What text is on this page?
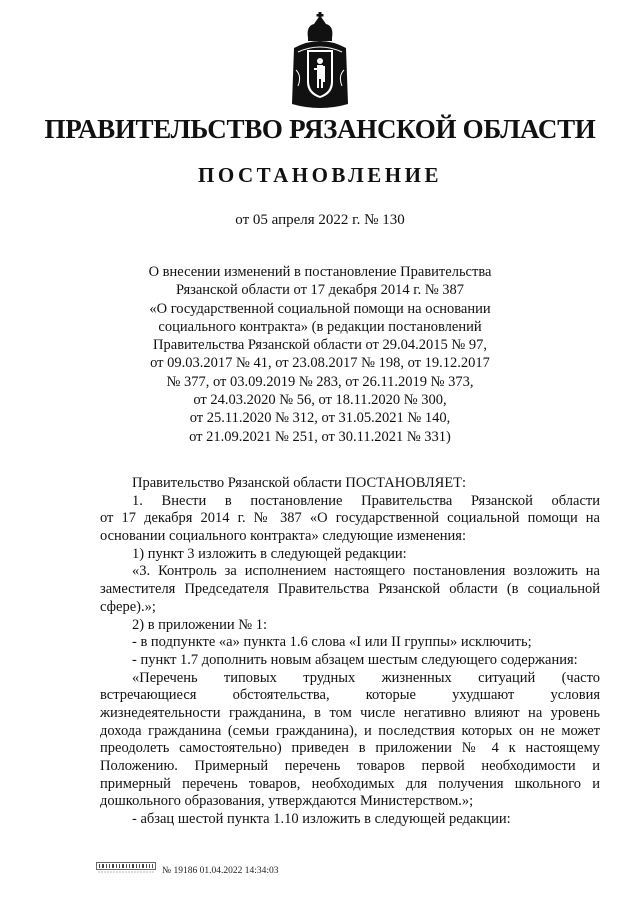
ПРАВИТЕЛЬСТВО РЯЗАНСКОЙ ОБЛАСТИ
ПОСТАНОВЛЕНИЕ
от 05 апреля 2022 г. № 130
О внесении изменений в постановление Правительства
Рязанской области от 17 декабря 2014 г. № 387
«О государственной социальной помощи на основании
социального контракта» (в редакции постановлений
Правительства Рязанской области от 29.04.2015 № 97,
от 09.03.2017 № 41, от 23.08.2017 № 198, от 19.12.2017
№ 377, от 03.09.2019 № 283, от 26.11.2019 № 373,
от 24.03.2020 № 56, от 18.11.2020 № 300,
от 25.11.2020 № 312, от 31.05.2021 № 140,
от 21.09.2021 № 251, от 30.11.2021 № 331)
Правительство Рязанской области ПОСТАНОВЛЯЕТ:
1. Внести в постановление Правительства Рязанской области
от 17 декабря 2014 г. № 387 «О государственной социальной помощи на
основании социального контракта» следующие изменения:
1) пункт 3 изложить в следующей редакции:
«3. Контроль за исполнением настоящего постановления возложить на
заместителя Председателя Правительства Рязанской области (в социальной
сфере).»;
2) в приложении № 1:
- в подпункте «а» пункта 1.6 слова «I или II группы» исключить;
- пункт 1.7 дополнить новым абзацем шестым следующего содержания:
«Перечень типовых трудных жизненных ситуаций (часто
встречающиеся обстоятельства, которые ухудшают условия
жизнедеятельности гражданина, в том числе негативно влияют на уровень
дохода гражданина (семьи гражданина), и последствия которых он не может
преодолеть самостоятельно) приведен в приложении № 4 к настоящему
Положению. Примерный перечень товаров первой необходимости и
примерный перечень товаров, необходимых для получения школьного и
дошкольного образования, утверждаются Министерством.»;
- абзац шестой пункта 1.10 изложить в следующей редакции:
№ 19186 01.04.2022 14:34:03
